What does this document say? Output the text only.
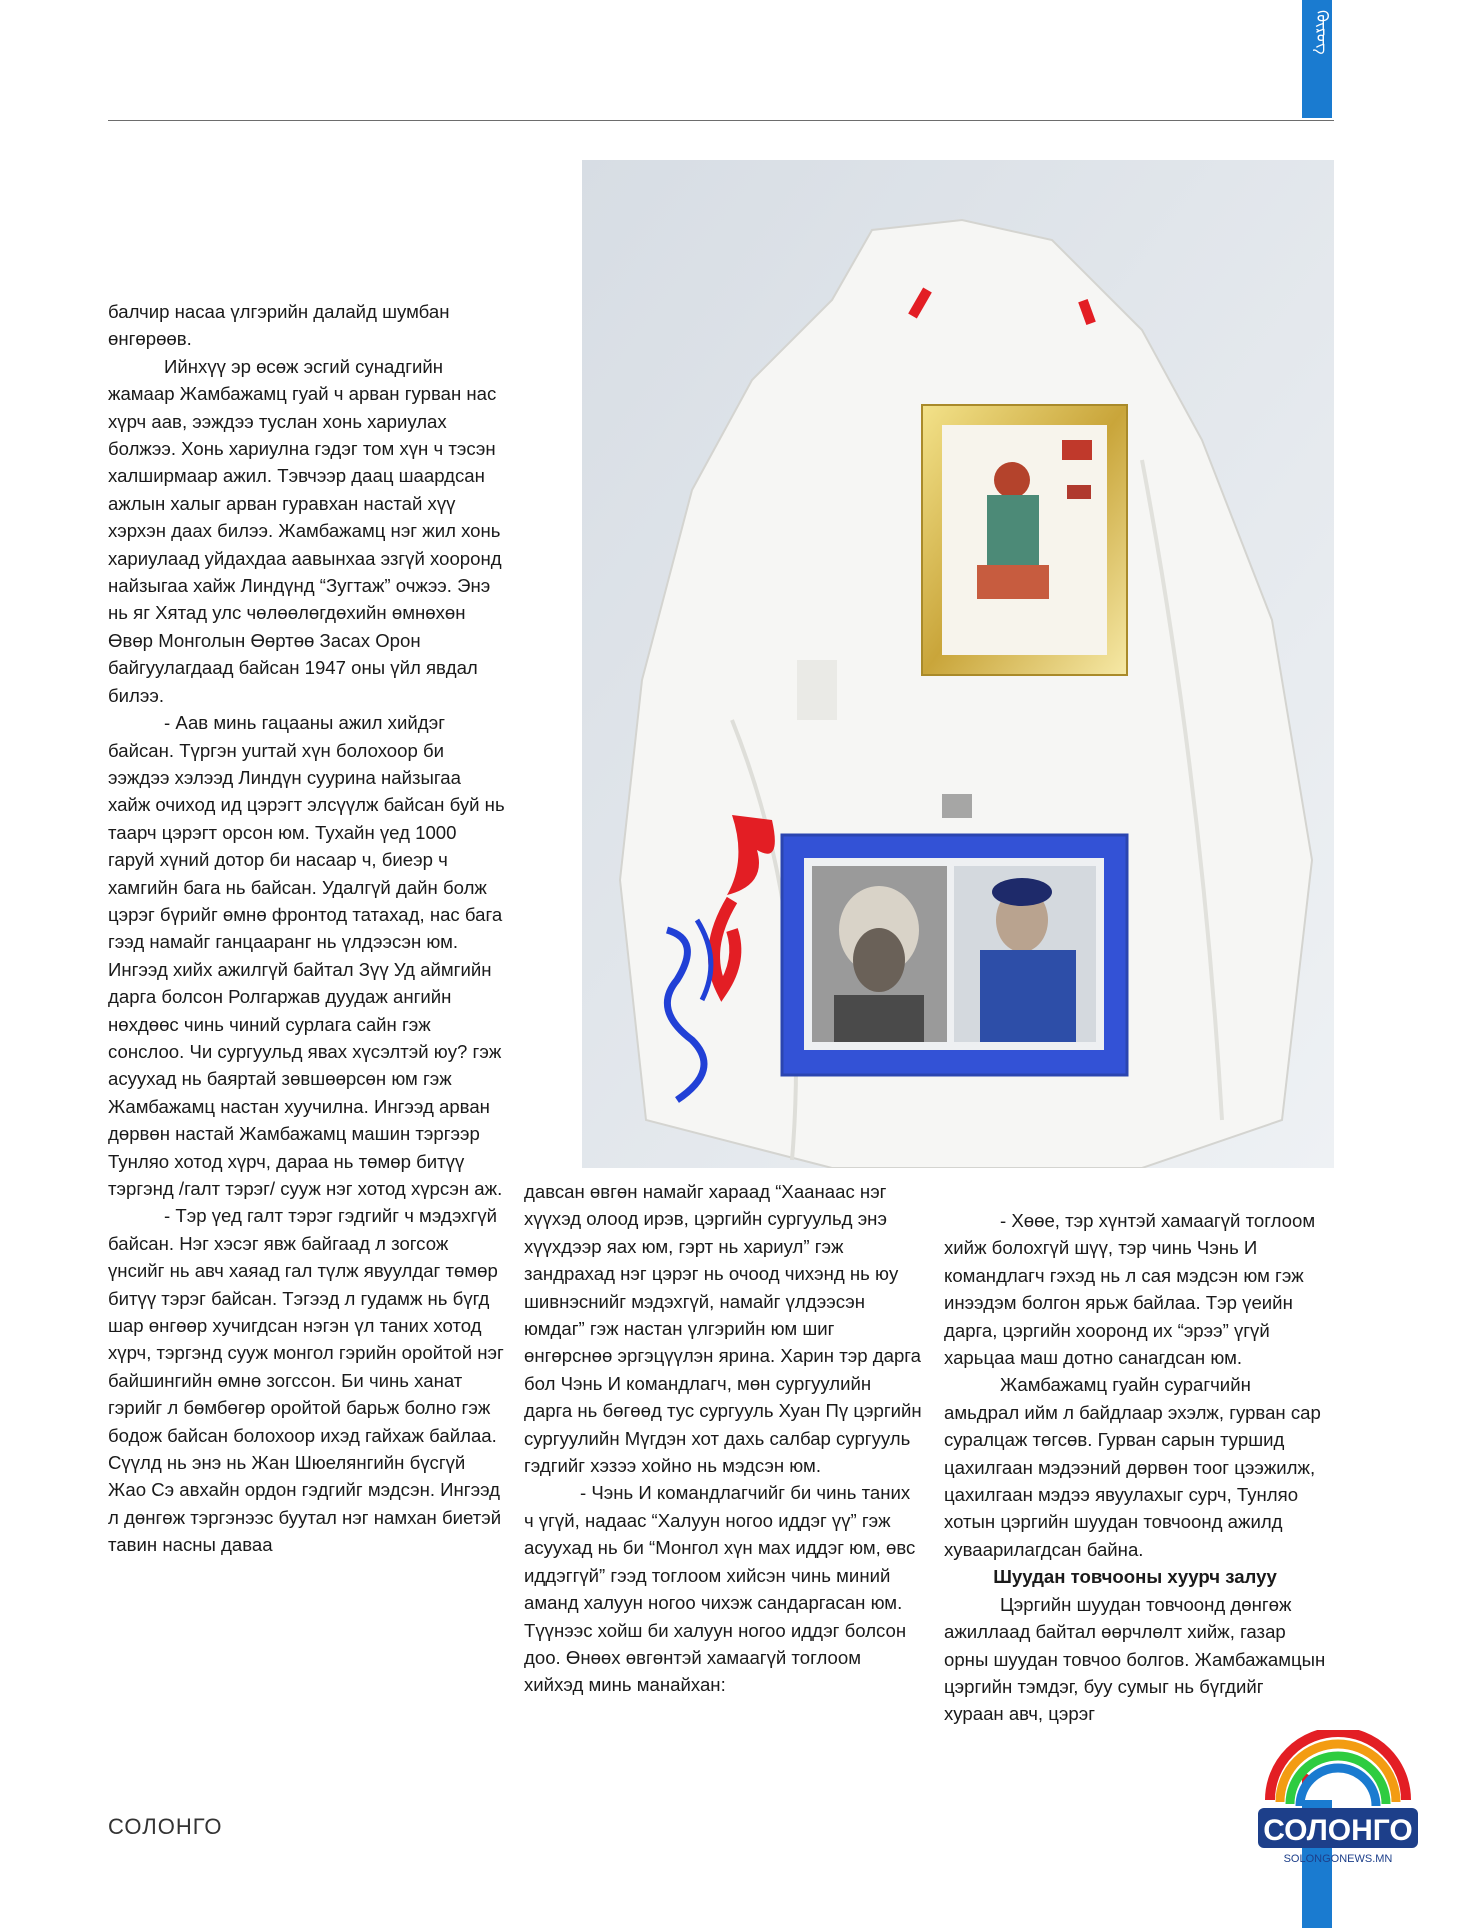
ᠬᠥᠷᠥᠭ

балчир насаа үлгэрийн далайд шумбан өнгөрөөв.

Ийнхүү эр өсөж эсгий сунадгийн жамаар Жамбажамц гуай ч арван гурван нас хүрч аав, ээждээ туслан хонь хариулах болжээ. Хонь хариулна гэдэг том хүн ч тэсэн халширмаар ажил. Тэвчээр даац шаардсан ажлын халыг арван гуравхан настай хүү хэрхэн даах билээ. Жамбажамц нэг жил хонь хариулаад уйдахдаа аавынхаа эзгүй хооронд найзыгаа хайж Линдүнд “Зугтаж” очжээ. Энэ нь яг Хятад улс чөлөөлөгдөхийн өмнөхөн Өвөр Монголын Өөртөө Засах Орон байгуулагдаад байсан 1947 оны үйл явдал билээ.

- Аав минь гацааны ажил хийдэг байсан. Түргэн уurтай хүн болохоор би ээждээ хэлээд Линдүн суурина найзыгаа хайж очиход ид цэрэгт элсүүлж байсан буй нь таарч цэрэгт орсон юм. Тухайн үед 1000 гаруй хүний дотор би насаар ч, биеэр ч хамгийн бага нь байсан. Удалгүй дайн болж цэрэг бүрийг өмнө фронтод татахад, нас бага гээд намайг ганцааранг нь үлдээсэн юм. Ингээд хийх ажилгүй байтал Зүү Уд аймгийн дарга болсон Ролгаржав дуудаж ангийн нөхдөөс чинь чиний сурлага сайн гэж сонслоо. Чи сургуульд явах хүсэлтэй юу? гэж асуухад нь баяртай зөвшөөрсөн юм гэж Жамбажамц настан хуучилна. Ингээд арван дөрвөн настай Жамбажамц машин тэргээр Тунляо хотод хүрч, дараа нь төмөр битүү тэргэнд /галт тэрэг/ сууж нэг хотод хүрсэн аж.

- Тэр үед галт тэрэг гэдгийг ч мэдэхгүй байсан. Нэг хэсэг явж байгаад л зогсож үнсийг нь авч хаяад гал түлж явуулдаг төмөр битүү тэрэг байсан. Тэгээд л гудамж нь бүгд шар өнгөөр хучигдсан нэгэн үл таних хотод хүрч, тэргэнд сууж монгол гэрийн оройтой нэг байшингийн өмнө зогссон. Би чинь ханат гэрийг л бөмбөгөр оройтой барьж болно гэж бодож байсан болохоор ихэд гайхаж байлаа. Сүүлд нь энэ нь Жан Шюелянгийн бүсгүй Жао Сэ авхайн ордон гэдгийг мэдсэн. Ингээд л дөнгөж тэргэнээс буутал нэг намхан биетэй тавин насны даваа

давсан өвгөн намайг хараад “Хаанаас нэг хүүхэд олоод ирэв, цэргийн сургуульд энэ хүүхдээр яах юм, гэрт нь хариул” гэж зандрахад нэг цэрэг нь очоод чихэнд нь юу шивнэснийг мэдэхгүй, намайг үлдээсэн юмдаг” гэж настан үлгэрийн юм шиг өнгөрснөө эргэцүүлэн ярина. Харин тэр дарга бол Чэнь И командлагч, мөн сургуулийн дарга нь бөгөөд тус сургууль Хуан Пү цэргийн сургуулийн Мүгдэн хот дахь салбар сургууль гэдгийг хэзээ хойно нь мэдсэн юм.

- Чэнь И командлагчийг би чинь таних ч үгүй, надаас “Халуун ногоо иддэг үү” гэж асуухад нь би “Монгол хүн мах иддэг юм, өвс иддэггүй” гээд тоглоом хийсэн чинь миний аманд халуун ногоо чихэж сандаргасан юм. Түүнээс хойш би халуун ногоо иддэг болсон доо. Өнөөх өвгөнтэй хамаагүй тоглоом хийхэд минь манайхан:

- Хөөе, тэр хүнтэй хамаагүй тоглоом хийж болохгүй шүү, тэр чинь Чэнь И командлагч гэхэд нь л сая мэдсэн юм гэж инээдэм болгон ярьж байлаа. Тэр үеийн дарга, цэргийн хооронд их “эрээ” үгүй харьцаа маш дотно санагдсан юм.

Жамбажамц гуайн сурагчийн амьдрал ийм л байдлаар эхэлж, гурван сар суралцаж төгсөв. Гурван сарын туршид цахилгаан мэдээний дөрвөн тоог цээжилж, цахилгаан мэдээ явуулахыг сурч, Тунляо хотын цэргийн шуудан товчоонд ажилд хуваарилагдсан байна.

Шуудан товчооны хуурч залуу

Цэргийн шуудан товчоонд дөнгөж ажиллаад байтал өөрчлөлт хийж, газар орны шуудан товчоо болгов. Жамбажамцын цэргийн тэмдэг, буу сумыг нь бүгдийг хураан авч, цэрэг

СОЛОНГО	СОЛОНГО
SOLONGONEWS.MN
